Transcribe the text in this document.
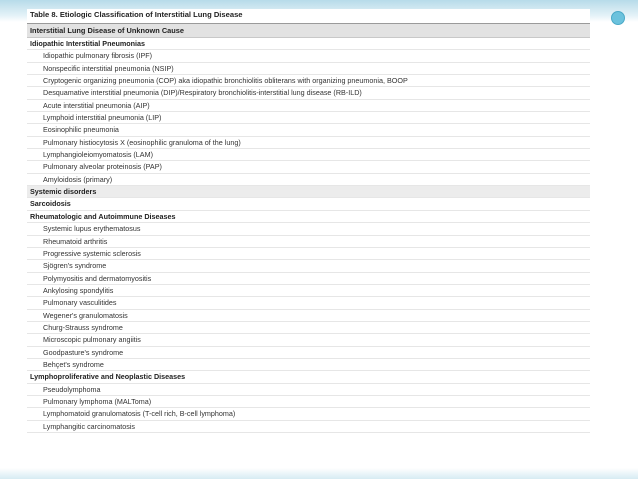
Table 8. Etiologic Classification of Interstitial Lung Disease
Interstitial Lung Disease of Unknown Cause
Idiopathic Interstitial Pneumonias
Idiopathic pulmonary fibrosis (IPF)
Nonspecific interstitial pneumonia (NSIP)
Cryptogenic organizing pneumonia (COP) aka idiopathic bronchiolitis obliterans with organizing pneumonia, BOOP
Desquamative interstitial pneumonia (DIP)/Respiratory bronchiolitis-interstitial lung disease (RB-ILD)
Acute interstitial pneumonia (AIP)
Lymphoid interstitial pneumonia (LIP)
Eosinophilic pneumonia
Pulmonary histiocytosis X (eosinophilic granuloma of the lung)
Lymphangioleiomyomatosis (LAM)
Pulmonary alveolar proteinosis (PAP)
Amyloidosis (primary)
Systemic disorders
Sarcoidosis
Rheumatologic and Autoimmune Diseases
Systemic lupus erythematosus
Rheumatoid arthritis
Progressive systemic sclerosis
Sjögren's syndrome
Polymyositis and dermatomyositis
Ankylosing spondylitis
Pulmonary vasculitides
Wegener's granulomatosis
Churg-Strauss syndrome
Microscopic pulmonary angiitis
Goodpasture's syndrome
Behçet's syndrome
Lymphoproliferative and Neoplastic Diseases
Pseudolymphoma
Pulmonary lymphoma (MALToma)
Lymphomatoid granulomatosis (T-cell rich, B-cell lymphoma)
Lymphangitic carcinomatosis
